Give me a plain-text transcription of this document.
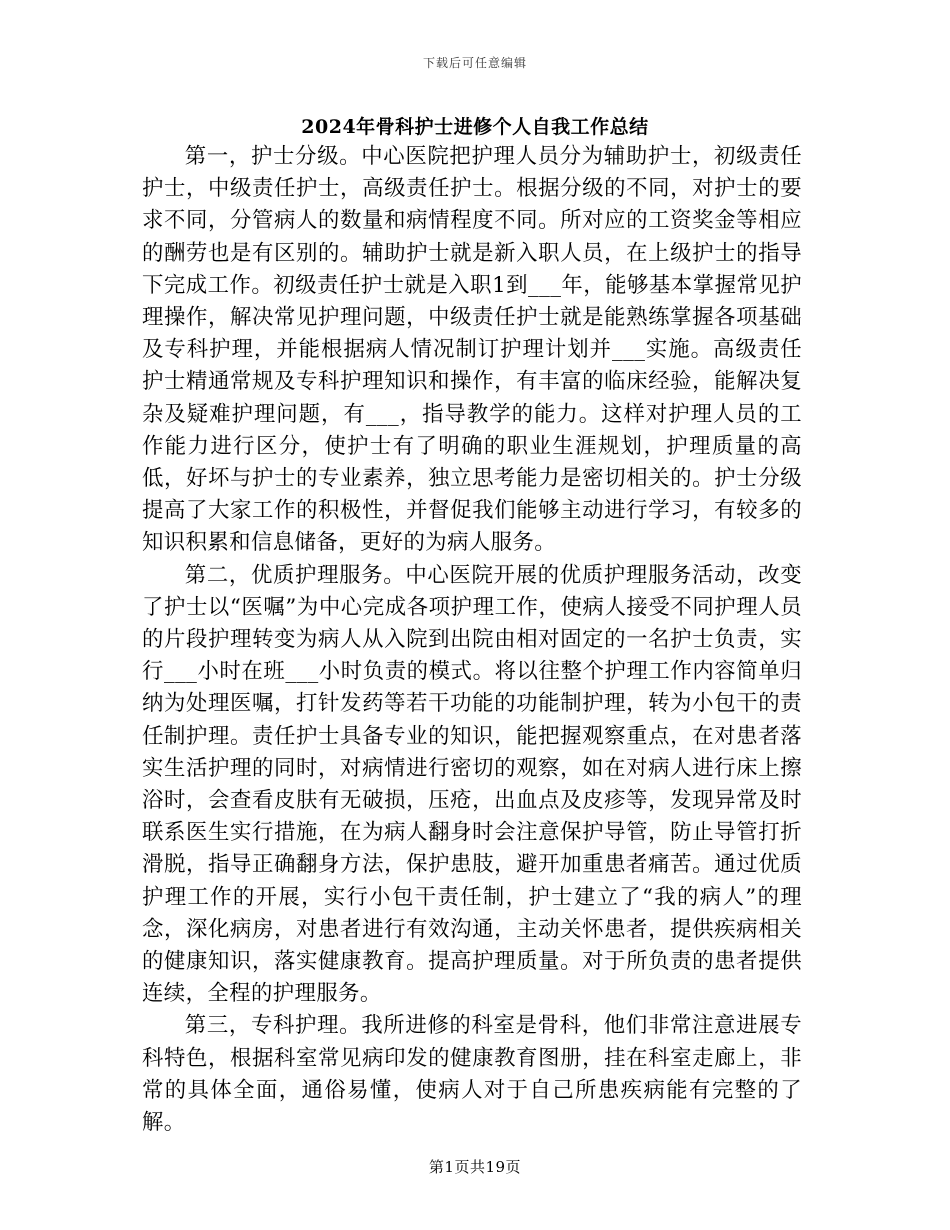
下载后可任意编辑
2024年骨科护士进修个人自我工作总结

第一，护士分级。中心医院把护理人员分为辅助护士，初级责任护士，中级责任护士，高级责任护士。根据分级的不同，对护士的要求不同，分管病人的数量和病情程度不同。所对应的工资奖金等相应的酬劳也是有区别的。辅助护士就是新入职人员，在上级护士的指导下完成工作。初级责任护士就是入职1到___年，能够基本掌握常见护理操作，解决常见护理问题，中级责任护士就是能熟练掌握各项基础及专科护理，并能根据病人情况制订护理计划并___实施。高级责任护士精通常规及专科护理知识和操作，有丰富的临床经验，能解决复杂及疑难护理问题，有___，指导教学的能力。这样对护理人员的工作能力进行区分，使护士有了明确的职业生涯规划，护理质量的高低，好坏与护士的专业素养，独立思考能力是密切相关的。护士分级提高了大家工作的积极性，并督促我们能够主动进行学习，有较多的知识积累和信息储备，更好的为病人服务。

第二，优质护理服务。中心医院开展的优质护理服务活动，改变了护士以“医嘱”为中心完成各项护理工作，使病人接受不同护理人员的片段护理转变为病人从入院到出院由相对固定的一名护士负责，实行___小时在班___小时负责的模式。将以往整个护理工作内容简单归纳为处理医嘱，打针发药等若干功能的功能制护理，转为小包干的责任制护理。责任护士具备专业的知识，能把握观察重点，在对患者落实生活护理的同时，对病情进行密切的观察，如在对病人进行床上擦浴时，会查看皮肤有无破损，压疮，出血点及皮疹等，发现异常及时联系医生实行措施，在为病人翻身时会注意保护导管，防止导管打折滑脱，指导正确翻身方法，保护患肢，避开加重患者痛苦。通过优质护理工作的开展，实行小包干责任制，护士建立了“我的病人”的理念，深化病房，对患者进行有效沟通，主动关怀患者，提供疾病相关的健康知识，落实健康教育。提高护理质量。对于所负责的患者提供连续，全程的护理服务。

第三，专科护理。我所进修的科室是骨科，他们非常注意进展专科特色，根据科室常见病印发的健康教育图册，挂在科室走廊上，非常的具体全面，通俗易懂，使病人对于自己所患疾病能有完整的了解。

第1页共19页
